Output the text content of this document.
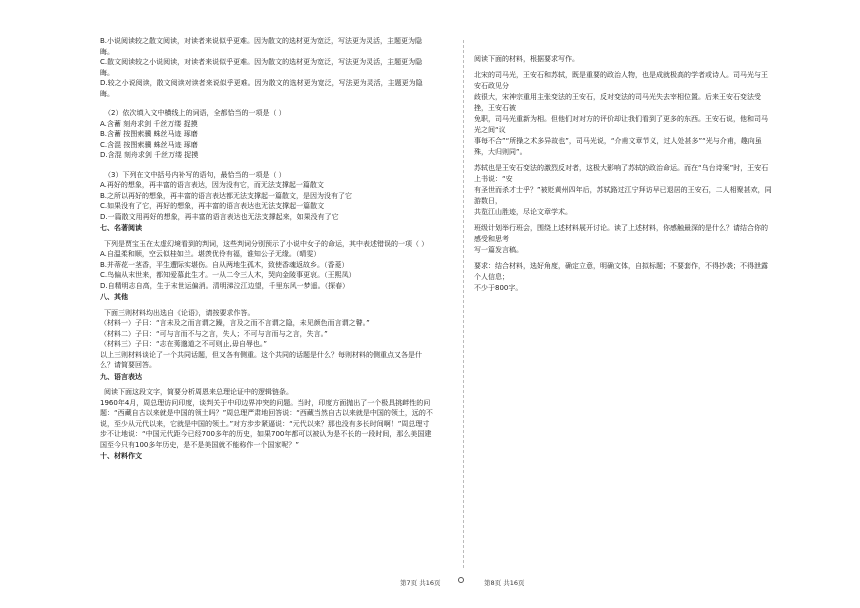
B.小说阅读较之散文阅读，对读者来说似乎更难。因为散文的选材更为宽泛，写法更为灵活，主题更为隐
晦。
C.散文阅读较之小说阅读，对读者来说似乎更难。因为散文的选材更为宽泛，写法更为灵活，主题更为隐
晦。
D.较之小说阅读，散文阅读对读者来说似乎更难。因为散文的选材更为宽泛，写法更为灵活，主题更为隐
晦。
（2）依次填入文中横线上的词语，全都恰当的一项是（ ）
A.含蓄 刻舟求剑 千丝万缕 捉摸
B.含蓄 按图索骥 蛛丝马迹 琢磨
C.含混 按图索骥 蛛丝马迹 琢磨
D.含混 刻舟求剑 千丝万缕 捉摸
（3）下列在文中括号内补写的语句，最恰当的一项是（ ）
A.再好的想象，再丰富的语言表达，因为没有它，而无法支撑起一篇散文
B.之所以再好的想象，再丰富的语言表达都无法支撑起一篇散文，是因为没有了它
C.如果没有了它，再好的想象，再丰富的语言表达也无法支撑起一篇散文
D.一篇散文用再好的想象，再丰富的语言表达也无法支撑起来，如果没有了它
七、名著阅读
下列是贾宝玉在太虚幻境看到的判词，这些判词分别预示了小说中女子的命运，其中表述错误的一项（ ）
A.自温柔和顺，空云似桂如兰。堪羡优伶有福，谁知公子无缘。（晴雯）
B.并蒂花一茎香，平生遭际实堪伤。自从两地生孤木，致使香魂返故乡。（香菱）
C.鸟偏从末世来，都知爱慕此生才。一从二令三人木，哭向金陵事更哀。（王熙凤）
D.自精明志自高，生于末世运偏消。清明涕泣江边望，千里东风一梦遥。（探春）
八、其他
下面三则材料均出选自《论语》，请按要求作答。
（材料一）子曰：“言未及之而言谓之躁，言及之而不言谓之隐，未见颜色而言谓之瞽。”
（材料二）子曰：“可与言而不与之言，失人；不可与言而与之言，失言。”
（材料三）子曰：“志在莠邈道之不可则止,毋自辱也。”
以上三则材料谈论了一个共同话题，但又各有侧重。这个共同的话题是什么？每则材料的侧重点又各是什
么？请简要回答。
九、语言表达
阅读下面这段文字，简要分析周恩来总理论证中的逻辑链条。
1960年4月，周总理访问印度，谈判关于中印边界冲突的问题。当时，印度方面抛出了一个极具挑衅性的问
题：“西藏自古以来就是中国的领土吗？”周总理严肃地回答说：“西藏当然自古以来就是中国的领土，远的不
说，至少从元代以来，它就是中国的领土。”对方步步紧逼说：“元代以来？那也没有多长时间啊！”周总理寸
步不让地说：“中国元代距今已经700多年的历史，如果700年都可以被认为是不长的一段时间，那么美国建
国至今只有100多年历史，是不是美国就不能称作一个国家呢？”
十、材料作文
阅读下面的材料，根据要求写作。
北宋的司马光，王安石和苏轼，既是重要的政治人物，也是成就极高的学者或诗人。司马光与王安石政见分
歧很大，宋神宗重用主张变法的王安石，反对变法的司马光失去宰相位置。后来王安石变法受挫，王安石被
免职，司马光重新为相。但他们对对方的评价却让我们看到了更多的东西。王安石说，他和司马光之间“议
事每不合”“所操之术多异故也”，司马光说，“介甫文章节义，过人处甚多”“光与介甫，趣向虽殊，大归则同”。
苏轼也是王安石变法的激烈反对者，这极大影响了苏轼的政治命运。而在“乌台诗案”时，王安石上书说：“安
有圣世而杀才士乎？”被贬黄州四年后，苏轼路过江宁拜访早已退居的王安石，二人相聚甚欢，同游数日，
共览江山胜迹，尽论文章学术。
班级计划举行班会，围绕上述材料展开讨论。读了上述材料，你感触最深的是什么？请结合你的感受和思考
写一篇发言稿。
要求：结合材料，选好角度，确定立意，明确文体，自拟标题；不要套作，不得抄袭；不得泄露个人信息；
不少于800字。
第7页 共16页	第8页 共16页
